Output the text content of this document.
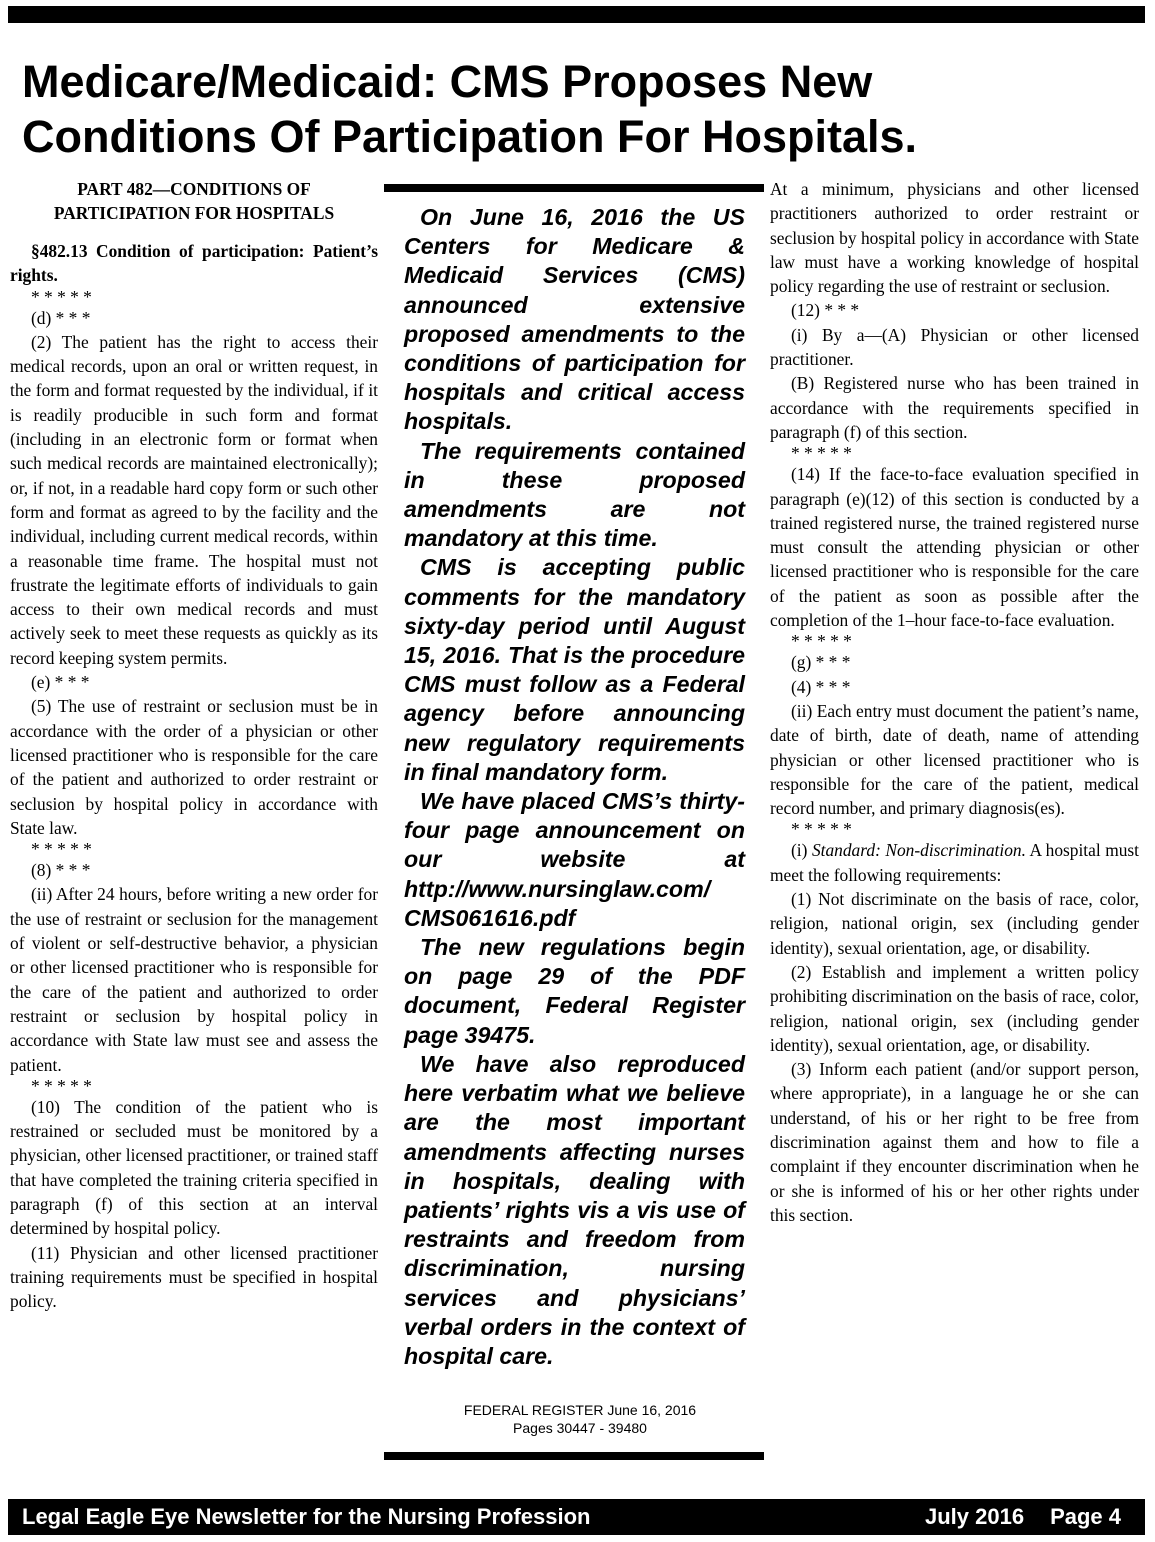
Medicare/Medicaid: CMS Proposes New
Conditions Of Participation For Hospitals.

PART 482—CONDITIONS OF PARTICIPATION FOR HOSPITALS

§482.13 Condition of participation: Patient’s rights.

* * * * *

(d) * * *

(2) The patient has the right to access their medical records, upon an oral or written request, in the form and format requested by the individual, if it is readily producible in such form and format (including in an electronic form or format when such medical records are maintained electronically); or, if not, in a readable hard copy form or such other form and format as agreed to by the facility and the individual, including current medical records, within a reasonable time frame. The hospital must not frustrate the legitimate efforts of individuals to gain access to their own medical records and must actively seek to meet these requests as quickly as its record keeping system permits.

(e) * * *

(5) The use of restraint or seclusion must be in accordance with the order of a physician or other licensed practitioner who is responsible for the care of the patient and authorized to order restraint or seclusion by hospital policy in accordance with State law.

* * * * *

(8) * * *

(ii) After 24 hours, before writing a new order for the use of restraint or seclusion for the management of violent or self-destructive behavior, a physician or other licensed practitioner who is responsible for the care of the patient and authorized to order restraint or seclusion by hospital policy in accordance with State law must see and assess the patient.

* * * * *

(10) The condition of the patient who is restrained or secluded must be monitored by a physician, other licensed practitioner, or trained staff that have completed the training criteria specified in paragraph (f) of this section at an interval determined by hospital policy.

(11) Physician and other licensed practitioner training requirements must be specified in hospital policy.

On June 16, 2016 the US Centers for Medicare & Medicaid Services (CMS) announced extensive proposed amendments to the conditions of participation for hospitals and critical access hospitals.

The requirements contained in these proposed amendments are not mandatory at this time.

CMS is accepting public comments for the mandatory sixty-day period until August 15, 2016. That is the procedure CMS must follow as a Federal agency before announcing new regulatory requirements in final mandatory form.

We have placed CMS’s thirty-four page announcement on our website at http://www.nursinglaw.com/ CMS061616.pdf

The new regulations begin on page 29 of the PDF document, Federal Register page 39475.

We have also reproduced here verbatim what we believe are the most important amendments affecting nurses in hospitals, dealing with patients’ rights vis a vis use of restraints and freedom from discrimination, nursing services and physicians’ verbal orders in the context of hospital care.

FEDERAL REGISTER June 16, 2016
Pages 30447 - 39480

At a minimum, physicians and other licensed practitioners authorized to order restraint or seclusion by hospital policy in accordance with State law must have a working knowledge of hospital policy regarding the use of restraint or seclusion.

(12) * * *

(i) By a—(A) Physician or other licensed practitioner.

(B) Registered nurse who has been trained in accordance with the requirements specified in paragraph (f) of this section.

* * * * *

(14) If the face-to-face evaluation specified in paragraph (e)(12) of this section is conducted by a trained registered nurse, the trained registered nurse must consult the attending physician or other licensed practitioner who is responsible for the care of the patient as soon as possible after the completion of the 1–hour face-to-face evaluation.

* * * * *

(g) * * *

(4) * * *

(ii) Each entry must document the patient’s name, date of birth, date of death, name of attending physician or other licensed practitioner who is responsible for the care of the patient, medical record number, and primary diagnosis(es).

* * * * *

(i) Standard: Non-discrimination. A hospital must meet the following requirements:

(1) Not discriminate on the basis of race, color, religion, national origin, sex (including gender identity), sexual orientation, age, or disability.

(2) Establish and implement a written policy prohibiting discrimination on the basis of race, color, religion, national origin, sex (including gender identity), sexual orientation, age, or disability.

(3) Inform each patient (and/or support person, where appropriate), in a language he or she can understand, of his or her right to be free from discrimination against them and how to file a complaint if they encounter discrimination when he or she is informed of his or her other rights under this section.

Legal Eagle Eye Newsletter for the Nursing Profession	July 2016 Page 4
